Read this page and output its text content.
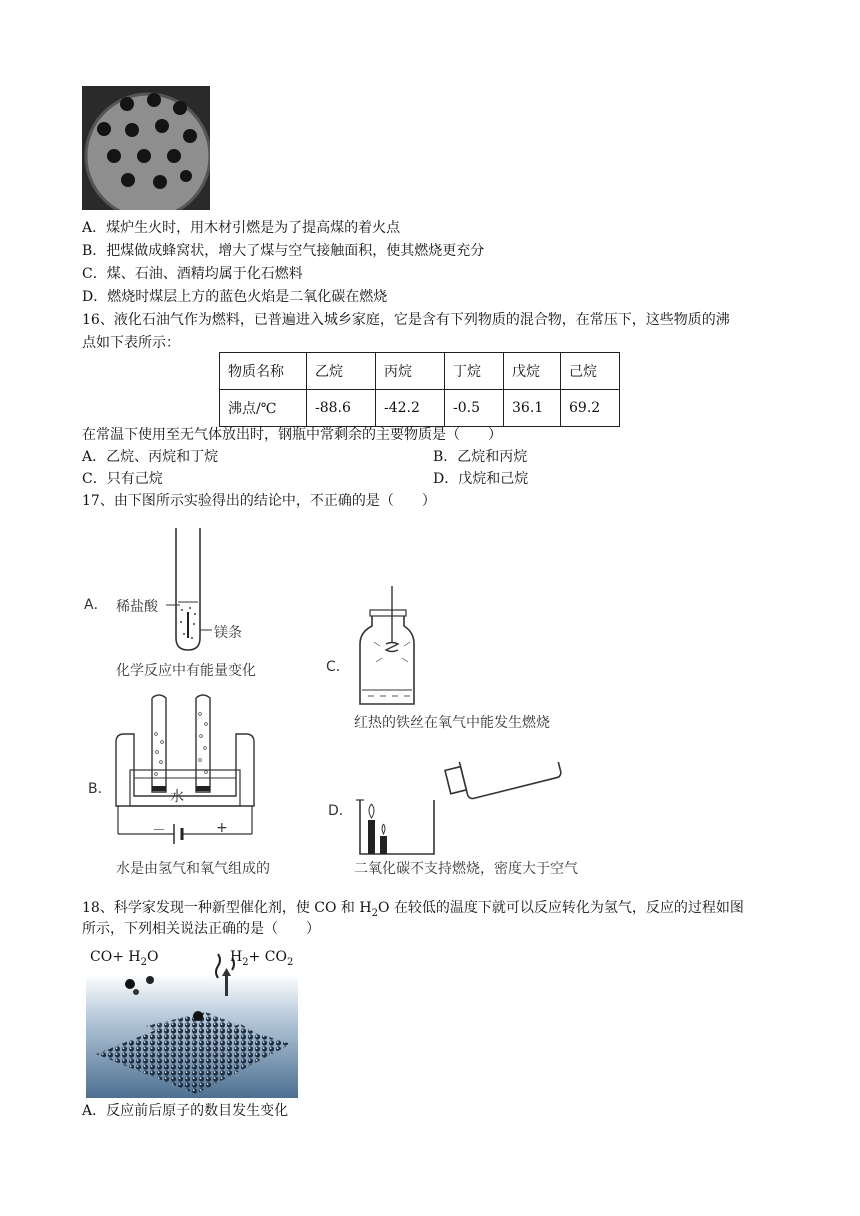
A．煤炉生火时，用木材引燃是为了提高煤的着火点
B．把煤做成蜂窝状，增大了煤与空气接触面积，使其燃烧更充分
C．煤、石油、酒精均属于化石燃料
D．燃烧时煤层上方的蓝色火焰是二氧化碳在燃烧
16、液化石油气作为燃料，已普遍进入城乡家庭，它是含有下列物质的混合物，在常压下，这些物质的沸
点如下表所示：
物质名称	乙烷	丙烷	丁烷	戊烷	己烷
沸点/℃	-88.6	-42.2	-0.5	36.1	69.2
在常温下使用至无气体放出时，钢瓶中常剩余的主要物质是（　　）
A．乙烷、丙烷和丁烷	B．乙烷和丙烷
C．只有己烷	D．戊烷和己烷
17、由下图所示实验得出的结论中，不正确的是（　　）
A． 稀盐酸
镁条
化学反应中有能量变化	C．
红热的铁丝在氧气中能发生燃烧
B．	水
－	+
水是由氢气和氧气组成的
D．
二氧化碳不支持燃烧，密度大于空气
18、科学家发现一种新型催化剂，使 CO 和 $H_2O$ 在较低的温度下就可以反应转化为氢气，反应的过程如图
所示，下列相关说法正确的是（　　）
$CO+ H_2O$	$H_2+ CO_2$
A．反应前后原子的数目发生变化
